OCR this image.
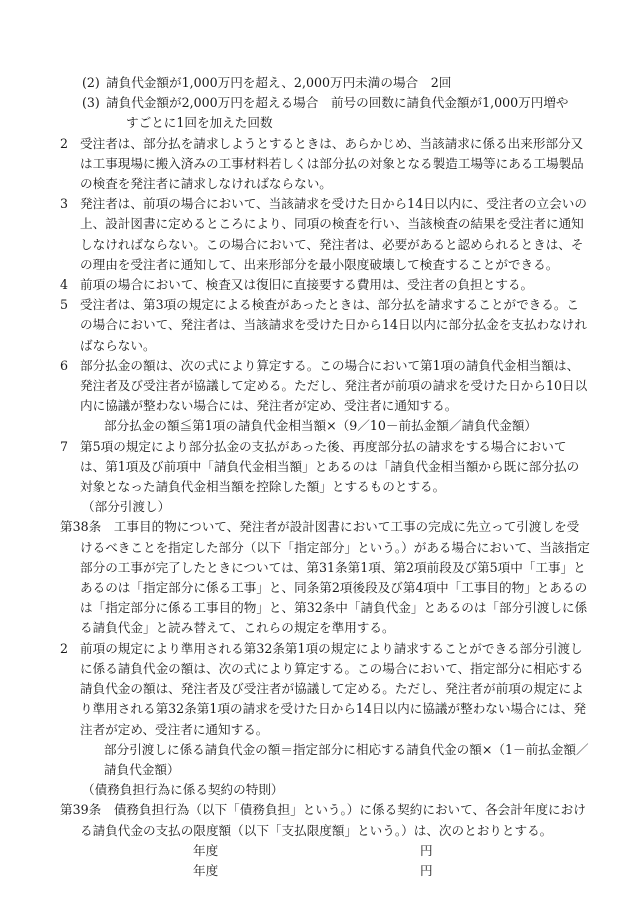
(2) 請負代金額が1,000万円を超え、2,000万円未満の場合　2回
(3) 請負代金額が2,000万円を超える場合　前号の回数に請負代金額が1,000万円増や
すごとに1回を加えた回数
2 受注者は、部分払を請求しようとするときは、あらかじめ、当該請求に係る出来形部分又は工事現場に搬入済みの工事材料若しくは部分払の対象となる製造工場等にある工場製品の検査を発注者に請求しなければならない。
3 発注者は、前項の場合において、当該請求を受けた日から14日以内に、受注者の立会いの上、設計図書に定めるところにより、同項の検査を行い、当該検査の結果を受注者に通知しなければならない。この場合において、発注者は、必要があると認められるときは、その理由を受注者に通知して、出来形部分を最小限度破壊して検査することができる。
4 前項の場合において、検査又は復旧に直接要する費用は、受注者の負担とする。
5 受注者は、第3項の規定による検査があったときは、部分払を請求することができる。この場合において、発注者は、当該請求を受けた日から14日以内に部分払金を支払わなければならない。
6 部分払金の額は、次の式により算定する。この場合において第1項の請負代金相当額は、発注者及び受注者が協議して定める。ただし、発注者が前項の請求を受けた日から10日以内に協議が整わない場合には、発注者が定め、受注者に通知する。
部分払金の額≦第1項の請負代金相当額×（9／10－前払金額／請負代金額）
7 第5項の規定により部分払金の支払があった後、再度部分払の請求をする場合においては、第1項及び前項中「請負代金相当額」とあるのは「請負代金相当額から既に部分払の対象となった請負代金相当額を控除した額」とするものとする。
（部分引渡し）
第38条　工事目的物について、発注者が設計図書において工事の完成に先立って引渡しを受けるべきことを指定した部分（以下「指定部分」という。）がある場合において、当該指定部分の工事が完了したときについては、第31条第1項、第2項前段及び第5項中「工事」とあるのは「指定部分に係る工事」と、同条第2項後段及び第4項中「工事目的物」とあるのは「指定部分に係る工事目的物」と、第32条中「請負代金」とあるのは「部分引渡しに係る請負代金」と読み替えて、これらの規定を準用する。
2 前項の規定により準用される第32条第1項の規定により請求することができる部分引渡しに係る請負代金の額は、次の式により算定する。この場合において、指定部分に相応する請負代金の額は、発注者及び受注者が協議して定める。ただし、発注者が前項の規定により準用される第32条第1項の請求を受けた日から14日以内に協議が整わない場合には、発注者が定め、受注者に通知する。
部分引渡しに係る請負代金の額＝指定部分に相応する請負代金の額×（1－前払金額／請負代金額）
（債務負担行為に係る契約の特則）
第39条　債務負担行為（以下「債務負担」という。）に係る契約において、各会計年度における請負代金の支払の限度額（以下「支払限度額」という。）は、次のとおりとする。
年度	円
年度	円
